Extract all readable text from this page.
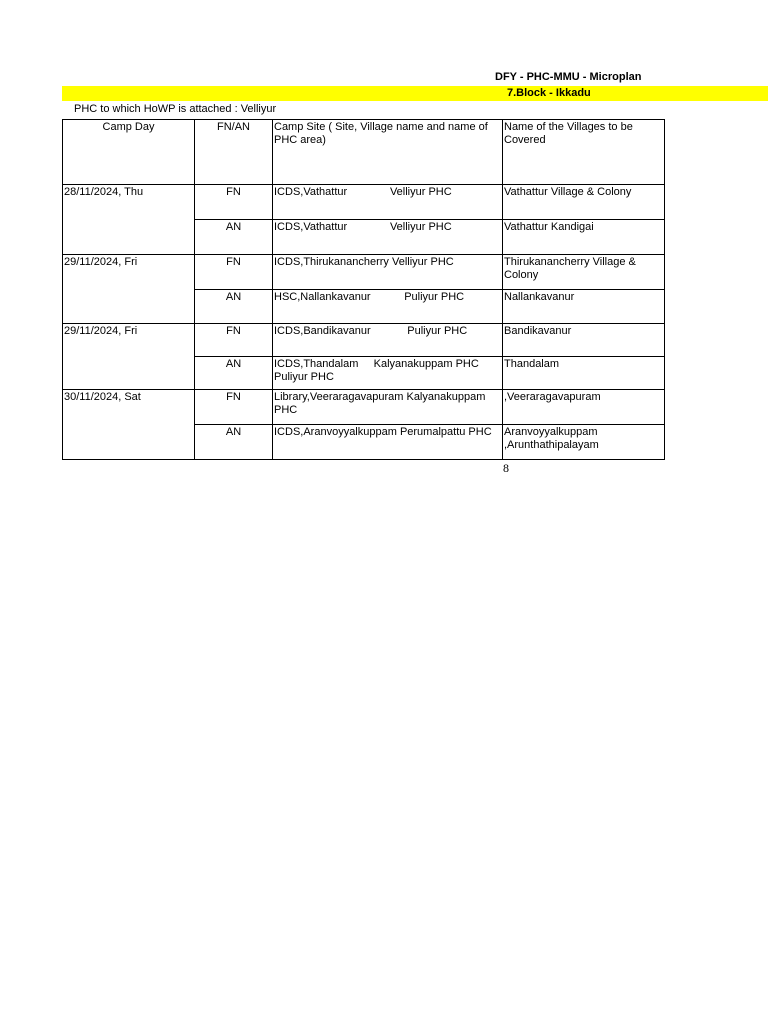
DFY - PHC-MMU - Microplan
7.Block - Ikkadu
PHC to which HoWP is attached : Velliyur
Camp Day	FN/AN	Camp Site ( Site, Village name and name of PHC area)	Name of the Villages to be Covered
28/11/2024, Thu	FN	ICDS,Vathattur              Velliyur PHC	Vathattur Village & Colony
	AN	ICDS,Vathattur              Velliyur PHC	Vathattur Kandigai
29/11/2024, Fri	FN	ICDS,Thirukanancherry Velliyur PHC	Thirukanancherry Village & Colony
	AN	HSC,Nallankavanur           Puliyur PHC	Nallankavanur
29/11/2024, Fri	FN	ICDS,Bandikavanur            Puliyur PHC	Bandikavanur
	AN	ICDS,Thandalam     Kalyanakuppam PHC     Puliyur PHC	Thandalam
30/11/2024, Sat	FN	Library,Veeraragavapuram Kalyanakuppam PHC	,Veeraragavapuram
	AN	ICDS,Aranvoyyalkuppam Perumalpattu PHC	Aranvoyyalkuppam ,Arunthathipalayam
8
